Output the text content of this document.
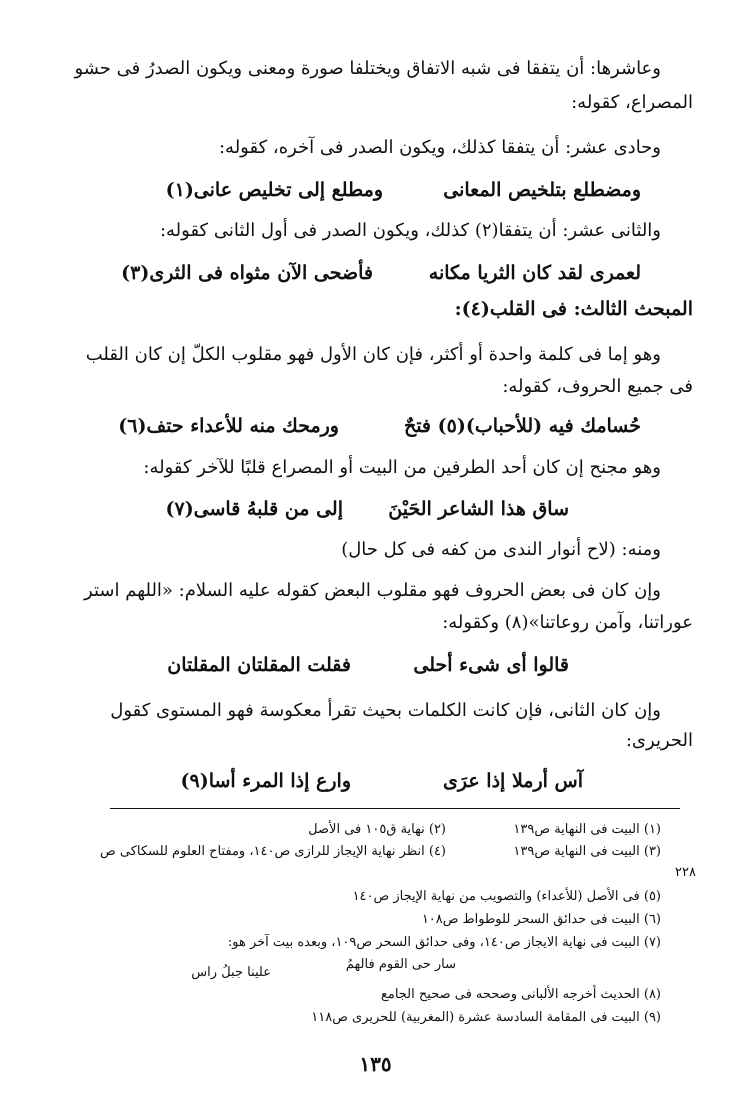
وعاشرها: أن يتفقا فى شبه الاتفاق ويختلفا صورة ومعنى ويكون الصدرُ فى حشو
المصراع، كقوله:
وحادى عشر: أن يتفقا كذلك، ويكون الصدر فى آخره، كقوله:
ومضطلع بتلخيص المعانى
ومطلع إلى تخليص عانى(١)
والثانى عشر: أن يتفقا(٢) كذلك، ويكون الصدر فى أول الثانى كقوله:
لعمرى لقد كان الثريا مكانه
فأضحى الآن مثواه فى الثرى(٣)
المبحث الثالث: فى القلب(٤):
وهو إما فى كلمة واحدة أو أكثر، فإن كان الأول فهو مقلوب الكلّ إن كان القلب
فى جميع الحروف، كقوله:
حُسامك فيه (للأحباب)(٥) فتحٌ
ورمحك منه للأعداء حتف(٦)
وهو مجنح إن كان أحد الطرفين من البيت أو المصراع قلبًا للآخر كقوله:
ساق هذا الشاعر الحَيْنَ
إلى من قلبهُ قاسى(٧)
ومنه: (لاح أنوار الندى من كفه فى كل حال)
وإن كان فى بعض الحروف فهو مقلوب البعض كقوله عليه السلام: «اللهم استر
عوراتنا، وآمن روعاتنا»(٨) وكقوله:
قالوا أى شىء أحلى
فقلت المقلتان المقلتان
وإن كان الثانى، فإن كانت الكلمات بحيث تقرأ معكوسة فهو المستوى كقول
الحريرى:
آس أرملا إذا عرَى
وارع إذا المرء أسا(٩)
(١) البيت فى النهاية ص١٣٩
(٢) نهاية ق١٠٥ فى الأصل
(٣) البيت فى النهاية ص١٣٩
(٤) انظر نهاية الإيجاز للرازى ص١٤٠، ومفتاح العلوم للسكاكى ص
٢٢٨
(٥) فى الأصل (للأعداء) والتصويب من نهاية الإيجاز ص١٤٠
(٦) البيت فى حدائق السحر للوطواط ص١٠٨
(٧) البيت فى نهاية الايجاز ص١٤٠، وفى حدائق السحر ص١٠٩، وبعده بيت آخر هو:
سار حى القوم فالهمُ
علينا جبلُ راس
(٨) الحديث أخرجه الألبانى وصححه فى صحيح الجامع
(٩) البيت فى المقامة السادسة عشرة (المغربية) للحريرى ص١١٨
١٣٥
